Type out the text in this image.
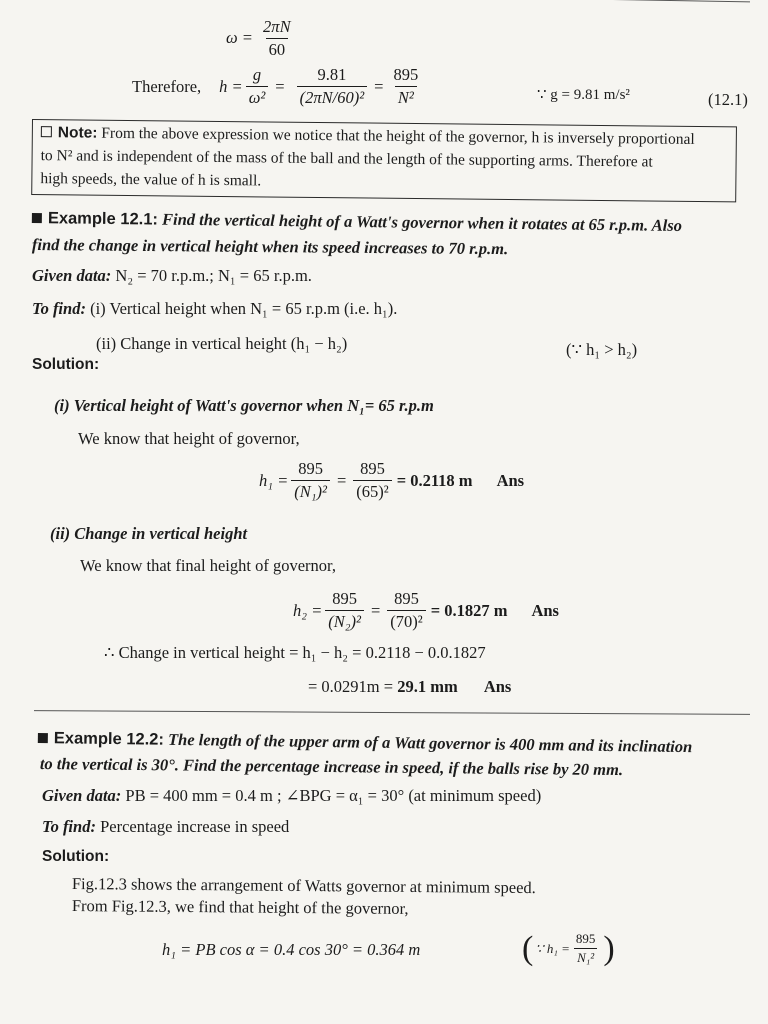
$\omega = \frac{2\pi N}{60}$
Therefore, $h = \frac{g}{\text{ω²}} = \frac{9.81}{\text{(2πN/60)²}} = \frac{895}{\text{N²}}$	∵ g = 9.81 m/s²	(12.1)
Note: From the above expression we notice that the height of the governor, h is inversely proportional
to N² and is independent of the mass of the ball and the length of the supporting arms. Therefore at
high speeds, the value of h is small.
Example 12.1: Find the vertical height of a Watt's governor when it rotates at 65 r.p.m. Also
find the change in vertical height when its speed increases to 70 r.p.m.
Given data: N₂ = 70 r.p.m.; N₁ = 65 r.p.m.
To find: (i) Vertical height when N₁ = 65 r.p.m (i.e. h₁).
(ii) Change in vertical height (h₁ − h₂)	(∵ h₁ > h₂)
Solution:
(i) Vertical height of Watt's governor when N₁= 65 r.p.m
We know that height of governor,
$h_1 = \frac{895}{\text{(N₁)²}} = \frac{895}{\text{(65)²}} = 0.2118$ m Ans
(ii) Change in vertical height
We know that final height of governor,
$h_2 = \frac{895}{\text{(N₂)²}} = \frac{895}{\text{(70)²}} = 0.1827$ m Ans
∴ Change in vertical height = h₁ − h₂ = 0.2118 − 0.0.1827
= 0.0291m = 29.1 mm Ans
Example 12.2: The length of the upper arm of a Watt governor is 400 mm and its inclination
to the vertical is 30°. Find the percentage increase in speed, if the balls rise by 20 mm.
Given data: PB = 400 mm = 0.4 m ; ∠BPG = α₁ = 30° (at minimum speed)
To find: Percentage increase in speed
Solution:
Fig.12.3 shows the arrangement of Watts governor at minimum speed.
From Fig.12.3, we find that height of the governor,
h₁ = PB cos α = 0.4 cos 30° = 0.364 m	( ∵ $h_1 = \frac{895}{\text{N₁²}}$ )
